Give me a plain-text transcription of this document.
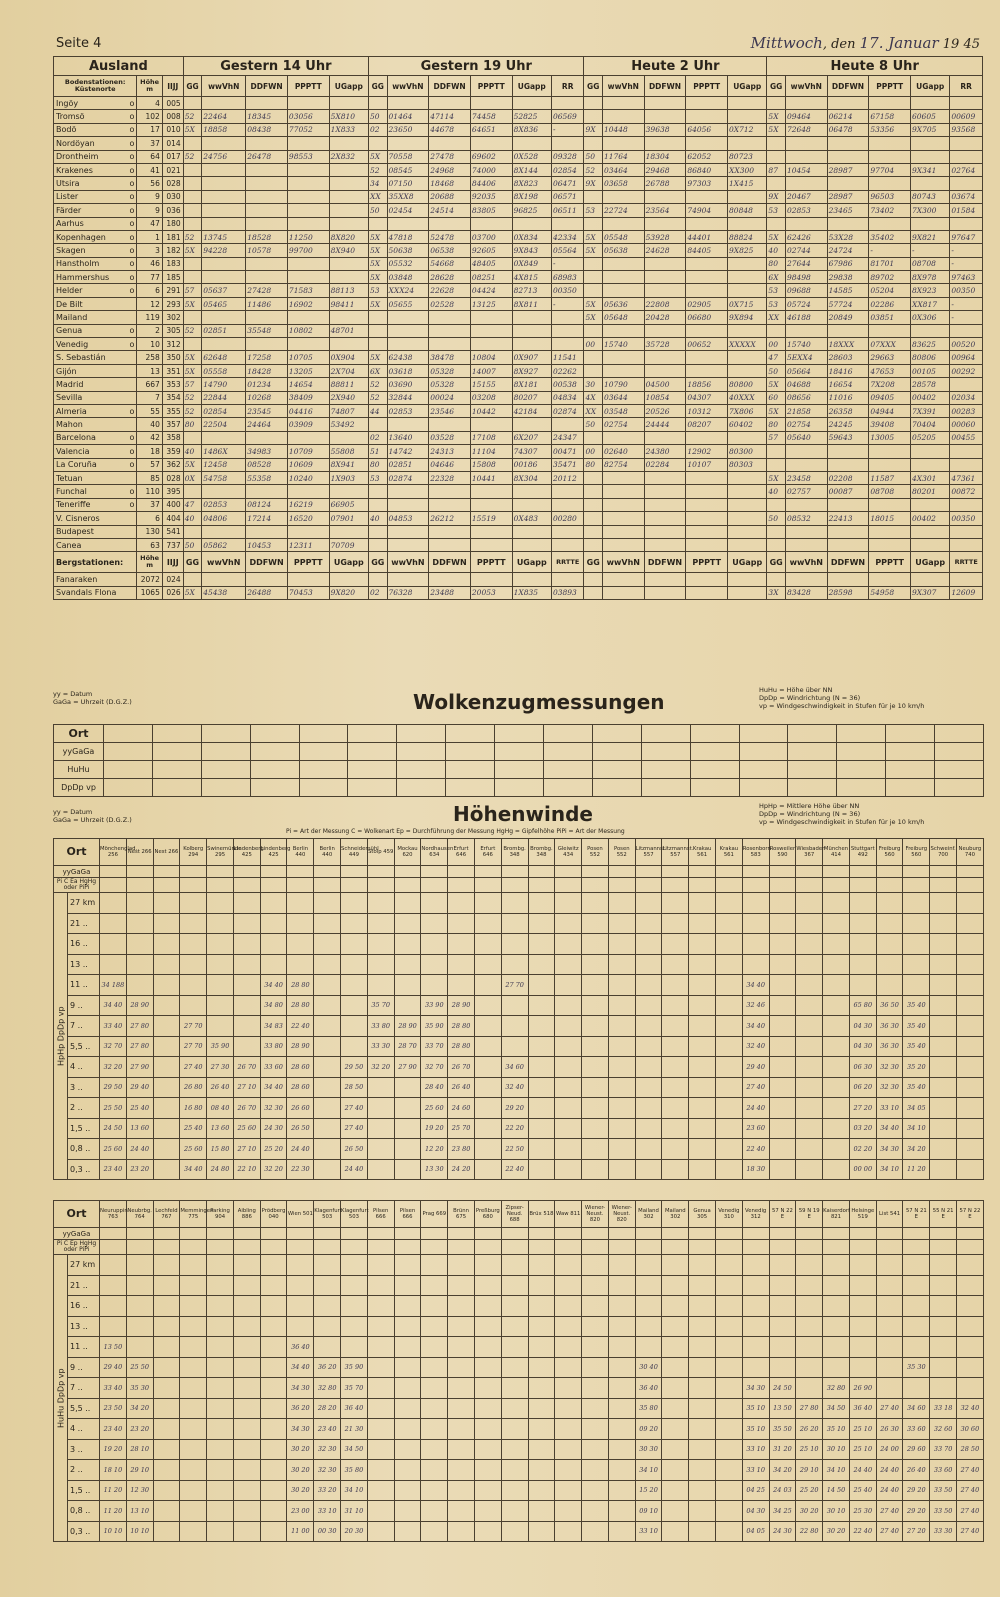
Seite 4	Mittwoch, den 17. Januar 19 45
Ausland			Gestern 14 Uhr					Gestern 19 Uhr						Heute 2 Uhr					Heute 8 Uhr					
Bodenstationen: Küstenorte	Höhe m	IIJJ	GG	wwVhN	DDFWN	PPPTT	UGapp	GG	wwVhN	DDFWN	PPPTT	UGapp	RR	GG	wwVhN	DDFWN	PPPTT	UGapp	GG	wwVhN	DDFWN	PPPTT	UGapp	RR
Ingöy o	4	005																						
Tromsö o	102	008	52	22464	18345	03056	5X810	50	01464	47114	74458	52825	06569						5X	09464	06214	67158	60605	00609
Bodö o	17	010	5X	18858	08438	77052	1X833	02	23650	44678	64651	8X836	-	9X	10448	39638	64056	0X712	5X	72648	06478	53356	9X705	93568
Nordöyan o	37	014																						
Drontheim o	64	017	52	24756	26478	98553	2X832	5X	70558	27478	69602	0X528	09328	50	11764	18304	62052	80723						
Krakenes o	41	021						52	08545	24968	74000	8X144	02854	52	03464	29468	86840	XX300	87	10454	28987	97704	9X341	02764
Utsira o	56	028						34	07150	18468	84406	8X823	06471	9X	03658	26788	97303	1X415						
Lister o	9	030						XX	35XX8	20688	92035	8X198	06571						9X	20467	28987	96503	80743	03674
Färder o	9	036						50	02454	24514	83805	96825	06511	53	22724	23564	74904	80848	53	02853	23465	73402	7X300	01584
Aarhus o	47	180																						
Kopenhagen o	1	181	52	13745	18528	11250	8X820	5X	47818	52478	03700	0X834	42334	5X	05548	53928	44401	88824	5X	62426	53X28	35402	9X821	97647
Skagen o	3	182	5X	94228	10578	99700	8X940	5X	50638	06538	92605	9X843	05564	5X	05638	24628	84405	9X825	40	02744	24724	-	-	-
Hanstholm o	46	183						5X	05532	54668	48405	0X849	-						80	27644	67986	81701	08708	-
Hammershus o	77	185						5X	03848	28628	08251	4X815	68983						6X	98498	29838	89702	8X978	97463
Helder o	6	291	57	05637	27428	71583	88113	53	XXX24	22628	04424	82713	00350						53	09688	14585	05204	8X923	00350
De Bilt	12	293	5X	05465	11486	16902	98411	5X	05655	02528	13125	8X811	-	5X	05636	22808	02905	0X715	53	05724	57724	02286	XX817	-
Mailand	119	302												5X	05648	20428	06680	9X894	XX	46188	20849	03851	0X306	-
Genua o	2	305	52	02851	35548	10802	48701																	
Venedig o	10	312												00	15740	35728	00652	XXXXX	00	15740	18XXX	07XXX	83625	00520
S. Sebastián	258	350	5X	62648	17258	10705	0X904	5X	62438	38478	10804	0X907	11541						47	5EXX4	28603	29663	80806	00964
Gijón	13	351	5X	05558	18428	13205	2X704	6X	03618	05328	14007	8X927	02262						50	05664	18416	47653	00105	00292
Madrid	667	353	57	14790	01234	14654	88811	52	03690	05328	15155	8X181	00538	30	10790	04500	18856	80800	5X	04688	16654	7X208	28578	
Sevilla	7	354	52	22844	10268	38409	2X940	52	32844	00024	03208	80207	04834	4X	03644	10854	04307	40XXX	60	08656	11016	09405	00402	02034
Almeria o	55	355	52	02854	23545	04416	74807	44	02853	23546	10442	42184	02874	XX	03548	20526	10312	7X806	5X	21858	26358	04944	7X391	00283
Mahon	40	357	80	22504	24464	03909	53492							50	02754	24444	08207	60402	80	02754	24245	39408	70404	00060
Barcelona o	42	358						02	13640	03528	17108	6X207	24347						57	05640	59643	13005	05205	00455
Valencia o	18	359	40	1486X	34983	10709	55808	51	14742	24313	11104	74307	00471	00	02640	24380	12902	80300						
La Coruña o	57	362	5X	12458	08528	10609	8X941	80	02851	04646	15808	00186	35471	80	82754	02284	10107	80303						
Tetuan	85	028	0X	54758	55358	10240	1X903	53	02874	22328	10441	8X304	20112						5X	23458	02208	11587	4X301	47361
Funchal o	110	395																	40	02757	00087	08708	80201	00872
Teneriffe o	37	400	47	02853	08124	16219	66905																	
V. Cisneros	6	404	40	04806	17214	16520	07901	40	04853	26212	15519	0X483	00280						50	08532	22413	18015	00402	00350
Budapest	130	541																						
Canea	63	737	50	05862	10453	12311	70709																	
Bergstationen:	Höhe m	IIJJ	GG	wwVhN	DDFWN	PPPTT	UGapp	GG	wwVhN	DDFWN	PPPTT	UGapp	RRTTE	GG	wwVhN	DDFWN	PPPTT	UGapp	GG	wwVhN	DDFWN	PPPTT	UGapp	RRTTE
Fanaraken	2072	024																						
Svandals Flona	1065	026	5X	45438	26488	70453	9X820	02	76328	23488	20053	1X835	03893						3X	83428	28598	54958	9X307	12609
yy = Datum
GaGa = Uhrzeit (D.G.Z.)	Wolkenzugmessungen	HuHu = Höhe über NN
DpDp = Windrichtung (N = 36)
vp = Windgeschwindigkeit in Stufen für je 10 km/h
Ort																		
yyGaGa																		
HuHu																		
DpDp vp																		
yy = Datum
GaGa = Uhrzeit (D.G.Z.)	Höhenwinde
Pi = Art der Messung C = Wolkenart Ep = Durchführung der Messung HgHg = Gipfelhöhe PiPi = Art der Messung
HpHp = Mittlere Höhe über NN
DpDp = Windrichtung (N = 36)
vp = Windgeschwindigkeit in Stufen für je 10 km/h
Ort		Mönchenglad. 256	Nest 266	Nest 266	Kolberg 294	Swinemünde 295	Lindenberg 425	Lindenberg 425	Berlin 440	Berlin 440	Schneidemühl 449	Stolp 459	Mockau 620	Nordhausen 634	Erfurt 646	Erfurt 646	Brombg. 348	Brombg. 348	Gleiwitz 434	Posen 552	Posen 552	Litzmannst. 557	Litzmannst. 557	Krakau 561	Krakau 561	Rosenborn 583	Rosweiler 590	Wiesbaden 367	München 414	Stuttgart 492	Freiburg 560	Freiburg 560	Schweinf. 700	Neuburg 740
yyGaGa																																		
Pi C Ea HgHg oder PiPi																																		
HpHp DpDp vp	27 km																																	
	21 ..																																	
	16 ..																																	
	13 ..																																	
	11 ..	34 188						34 40	28 80								27 70									34 40								
	9 ..	34 40	28 90					34 80	28 80			35 70		33 90	28 90											32 46				65 80	36 50	35 40		
	7 ..	33 40	27 80		27 70			34 83	22 40			33 80	28 90	35 90	28 80											34 40				04 30	36 30	35 40		
	5,5 ..	32 70	27 80		27 70	35 90		33 80	28 90			33 30	28 70	33 70	28 80											32 40				04 30	36 30	35 40		
	4 ..	32 20	27 90		27 40	27 30	26 70	33 60	28 60		29 50	32 20	27 90	32 70	26 70		34 60									29 40				06 30	32 30	35 20		
	3 ..	29 50	29 40		26 80	26 40	27 10	34 40	28 60		28 50			28 40	26 40		32 40									27 40				06 20	32 30	35 40		
	2 ..	25 50	25 40		16 80	08 40	26 70	32 30	26 60		27 40			25 60	24 60		29 20									24 40				27 20	33 10	34 05		
	1,5 ..	24 50	13 60		25 40	13 60	25 60	24 30	26 50		27 40			19 20	25 70		22 20									23 60				03 20	34 40	34 10		
	0,8 ..	25 60	24 40		25 60	15 80	27 10	25 20	24 40		26 50			12 20	23 80		22 50									22 40				02 20	34 30	34 20		
	0,3 ..	23 40	23 20		34 40	24 80	22 10	32 20	22 30		24 40			13 30	24 20		22 40									18 30				00 00	34 10	11 20		
Ort		Neuruppin 763	Neubrbg. 764	Lechfeld 767	Memmingen 775	Parking 904	Aibling 886	Prödberg 040	Wien 501	Klagenfurt 503	Klagenfurt 503	Pilsen 666	Pilsen 666	Prag 669	Brünn 675	Preßburg 680	Zipser-Neud. 688	Brüx 518	Waw 811	Wiener-Neust. 820	Wiener-Neust. 820	Mailand 302	Mailand 302	Genua 305	Venedig 310	Venedig 312	57 N 22 E	59 N 19 E	Kaiserdorf 821	Helsinge 519	List 541	57 N 21 E	55 N 21 E	57 N 22 E
yyGaGa																																		
Pi C Ep HgHg oder PiPi																																		
HuHu DpDp vp	27 km																																	
	21 ..																																	
	16 ..																																	
	13 ..																																	
	11 ..	13 50							36 40																									
	9 ..	29 40	25 50						34 40	36 20	35 90											30 40										35 30		
	7 ..	33 40	35 30						34 30	32 80	35 70											36 40				34 30	24 50		32 80	26 90				
	5,5 ..	23 50	34 20						36 20	28 20	36 40											35 80				35 10	13 50	27 80	34 50	36 40	27 40	34 60	33 18	32 40
	4 ..	23 40	23 20						34 30	23 40	21 30											09 20				35 10	35 50	26 20	35 10	25 10	26 30	33 60	32 60	30 60
	3 ..	19 20	28 10						30 20	32 30	34 50											30 30				33 10	31 20	25 10	30 10	25 10	24 00	29 60	33 70	28 50
	2 ..	18 10	29 10						30 20	32 30	35 80											34 10				33 10	34 20	29 10	34 10	24 40	24 40	26 40	33 60	27 40
	1,5 ..	11 20	12 30						30 20	33 20	34 10											15 20				04 25	24 03	25 20	14 50	25 40	24 40	29 20	33 50	27 40
	0,8 ..	11 20	13 10						23 00	33 10	31 10											09 10				04 30	34 25	30 20	30 10	25 30	27 40	29 20	33 50	27 40
	0,3 ..	10 10	10 10						11 00	00 30	20 30											33 10				04 05	24 30	22 80	30 20	22 40	27 40	27 20	33 30	27 40
